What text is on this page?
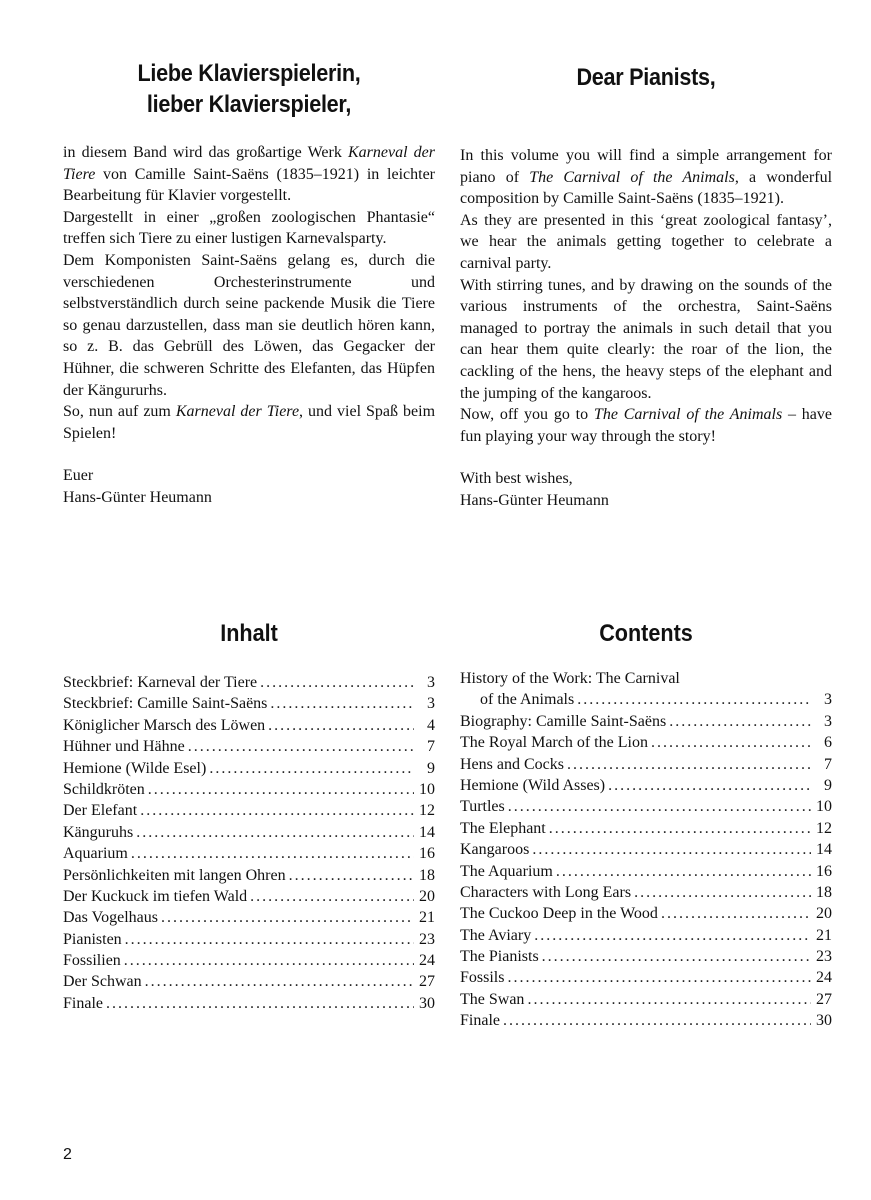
Liebe Klavierspielerin,
lieber Klavierspieler,

in diesem Band wird das großartige Werk Karneval der Tiere von Camille Saint-Saëns (1835–1921) in leichter Bearbeitung für Klavier vorgestellt.

Dargestellt in einer „großen zoologischen Phantasie“ treffen sich Tiere zu einer lustigen Karnevalsparty.

Dem Komponisten Saint-Saëns gelang es, durch die verschiedenen Orchesterinstrumente und selbstverständlich durch seine packende Musik die Tiere so genau darzustellen, dass man sie deutlich hören kann, so z. B. das Gebrüll des Löwen, das Gegacker der Hühner, die schweren Schritte des Elefanten, das Hüpfen der Kängururhs.

So, nun auf zum Karneval der Tiere, und viel Spaß beim Spielen!

Euer

Hans-Günter Heumann

Dear Pianists,

In this volume you will find a simple arrangement for piano of The Carnival of the Animals, a wonderful composition by Camille Saint-Saëns (1835–1921).

As they are presented in this ‘great zoological fantasy’, we hear the animals getting together to celebrate a carnival party.

With stirring tunes, and by drawing on the sounds of the various instruments of the orchestra, Saint-Saëns managed to portray the animals in such detail that you can hear them quite clearly: the roar of the lion, the cackling of the hens, the heavy steps of the elephant and the jumping of the kangaroos.

Now, off you go to The Carnival of the Animals – have fun playing your way through the story!

With best wishes,

Hans-Günter Heumann

Inhalt
Steckbrief: Karneval der Tiere . . .	3
Steckbrief: Camille Saint-Saëns . . .	3
Königlicher Marsch des Löwen . . .	4
Hühner und Hähne . . .	7
Hemione (Wilde Esel) . . .	9
Schildkröten . . .	10
Der Elefant . . .	12
Känguruhs . . .	14
Aquarium . . .	16
Persönlichkeiten mit langen Ohren . . .	18
Der Kuckuck im tiefen Wald . . .	20
Das Vogelhaus . . .	21
Pianisten . . .	23
Fossilien . . .	24
Der Schwan . . .	27
Finale . . .	30
Contents
History of the Work: The Carnival
of the Animals . . .	3
Biography: Camille Saint-Saëns . . .	3
The Royal March of the Lion . . .	6
Hens and Cocks . . .	7
Hemione (Wild Asses) . . .	9
Turtles . . .	10
The Elephant . . .	12
Kangaroos . . .	14
The Aquarium . . .	16
Characters with Long Ears . . .	18
The Cuckoo Deep in the Wood . . .	20
The Aviary . . .	21
The Pianists . . .	23
Fossils . . .	24
The Swan . . .	27
Finale . . .	30
2
